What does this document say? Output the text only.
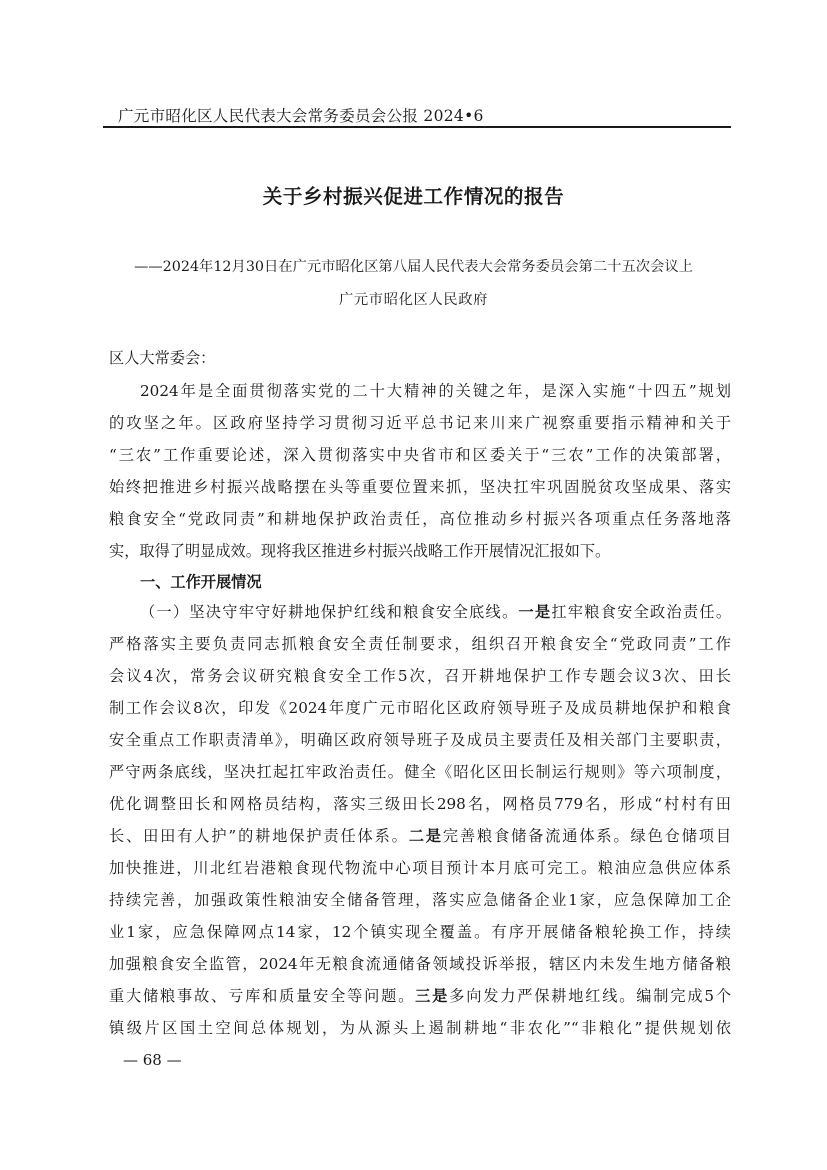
广元市昭化区人民代表大会常务委员会公报 2024•6
关于乡村振兴促进工作情况的报告
——2024年12月30日在广元市昭化区第八届人民代表大会常务委员会第二十五次会议上
广元市昭化区人民政府
区人大常委会：
2024年是全面贯彻落实党的二十大精神的关键之年，是深入实施“十四五”规划
的攻坚之年。区政府坚持学习贯彻习近平总书记来川来广视察重要指示精神和关于
“三农”工作重要论述，深入贯彻落实中央省市和区委关于“三农”工作的决策部署，
始终把推进乡村振兴战略摆在头等重要位置来抓，坚决扛牢巩固脱贫攻坚成果、落实
粮食安全“党政同责”和耕地保护政治责任，高位推动乡村振兴各项重点任务落地落
实，取得了明显成效。现将我区推进乡村振兴战略工作开展情况汇报如下。
一、工作开展情况
（一）坚决守牢守好耕地保护红线和粮食安全底线。一是扛牢粮食安全政治责任。
严格落实主要负责同志抓粮食安全责任制要求，组织召开粮食安全“党政同责”工作
会议4次，常务会议研究粮食安全工作5次，召开耕地保护工作专题会议3次、田长
制工作会议8次，印发《2024年度广元市昭化区政府领导班子及成员耕地保护和粮食
安全重点工作职责清单》，明确区政府领导班子及成员主要责任及相关部门主要职责，
严守两条底线，坚决扛起扛牢政治责任。健全《昭化区田长制运行规则》等六项制度，
优化调整田长和网格员结构，落实三级田长298名，网格员779名，形成“村村有田
长、田田有人护”的耕地保护责任体系。二是完善粮食储备流通体系。绿色仓储项目
加快推进，川北红岩港粮食现代物流中心项目预计本月底可完工。粮油应急供应体系
持续完善，加强政策性粮油安全储备管理，落实应急储备企业1家，应急保障加工企
业1家，应急保障网点14家，12个镇实现全覆盖。有序开展储备粮轮换工作，持续
加强粮食安全监管，2024年无粮食流通储备领域投诉举报，辖区内未发生地方储备粮
重大储粮事故、亏库和质量安全等问题。三是多向发力严保耕地红线。编制完成5个
镇级片区国土空间总体规划，为从源头上遏制耕地“非农化”“非粮化”提供规划依
— 68 —
